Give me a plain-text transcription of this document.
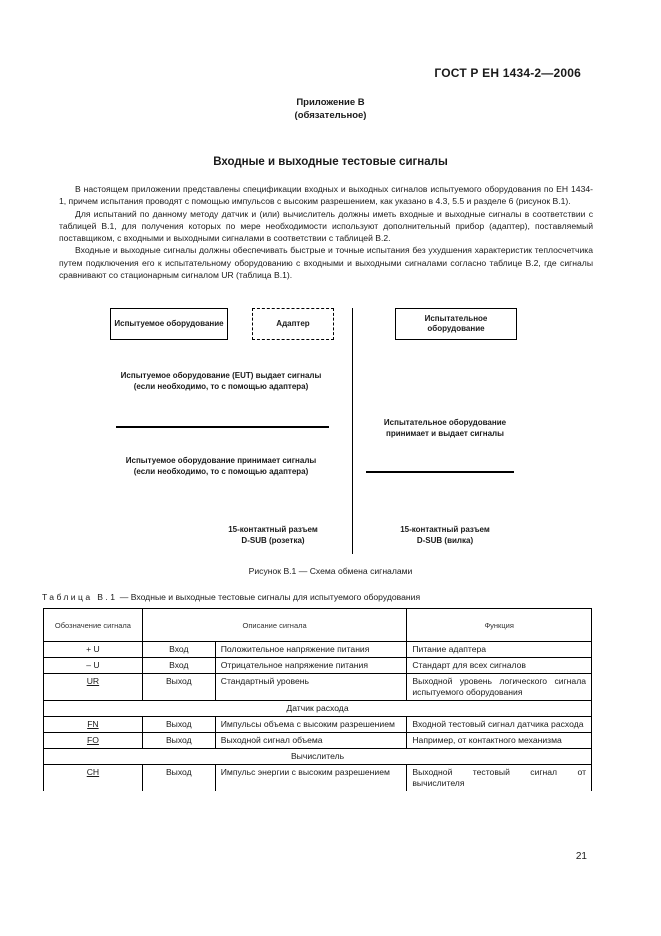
ГОСТ Р ЕН 1434-2—2006
Приложение B
(обязательное)
Входные и выходные тестовые сигналы

В настоящем приложении представлены спецификации входных и выходных сигналов испытуемого оборудования по ЕН 1434-1, причем испытания проводят с помощью импульсов с высоким разрешением, как указано в 4.3, 5.5 и разделе 6 (рисунок B.1).

Для испытаний по данному методу датчик и (или) вычислитель должны иметь входные и выходные сигналы в соответствии с таблицей B.1, для получения которых по мере необходимости используют дополнительный прибор (адаптер), поставляемый поставщиком, с входными и выходными сигналами в соответствии с таблицей B.2.

Входные и выходные сигналы должны обеспечивать быстрые и точные испытания без ухудшения характеристик теплосчетчика путем подключения его к испытательному оборудованию с входными и выходными сигналами согласно таблице B.2, где сигналы сравнивают со стационарным сигналом UR (таблица B.1).

Испытуемое оборудование	Адаптер
Испытательное оборудование
Испытуемое оборудование (EUT) выдает сигналы
(если необходимо, то с помощью адаптера)
Испытуемое оборудование принимает сигналы
(если необходимо, то с помощью адаптера)
Испытательное оборудование
принимает и выдает сигналы
15-контактный разъем
D-SUB (розетка)
15-контактный разъем
D-SUB (вилка)
Рисунок B.1 — Схема обмена сигналами
Таблица B.1 — Входные и выходные тестовые сигналы для испытуемого оборудования
Обозначение сигнала	Описание сигнала		Функция
+ U	Вход	Положительное напряжение питания	Питание адаптера
– U	Вход	Отрицательное напряжение питания	Стандарт для всех сигналов
UR	Выход	Стандартный уровень	Выходной уровень логического сигнала испытуемого оборудования
Датчик расхода			
FN	Выход	Импульсы объема с высоким разрешением	Входной тестовый сигнал датчика расхода
FO	Выход	Выходной сигнал объема	Например, от контактного механизма
Вычислитель			
CH	Выход	Импульс энергии с высоким разрешением	Выходной тестовый сигнал от вычислителя
21
